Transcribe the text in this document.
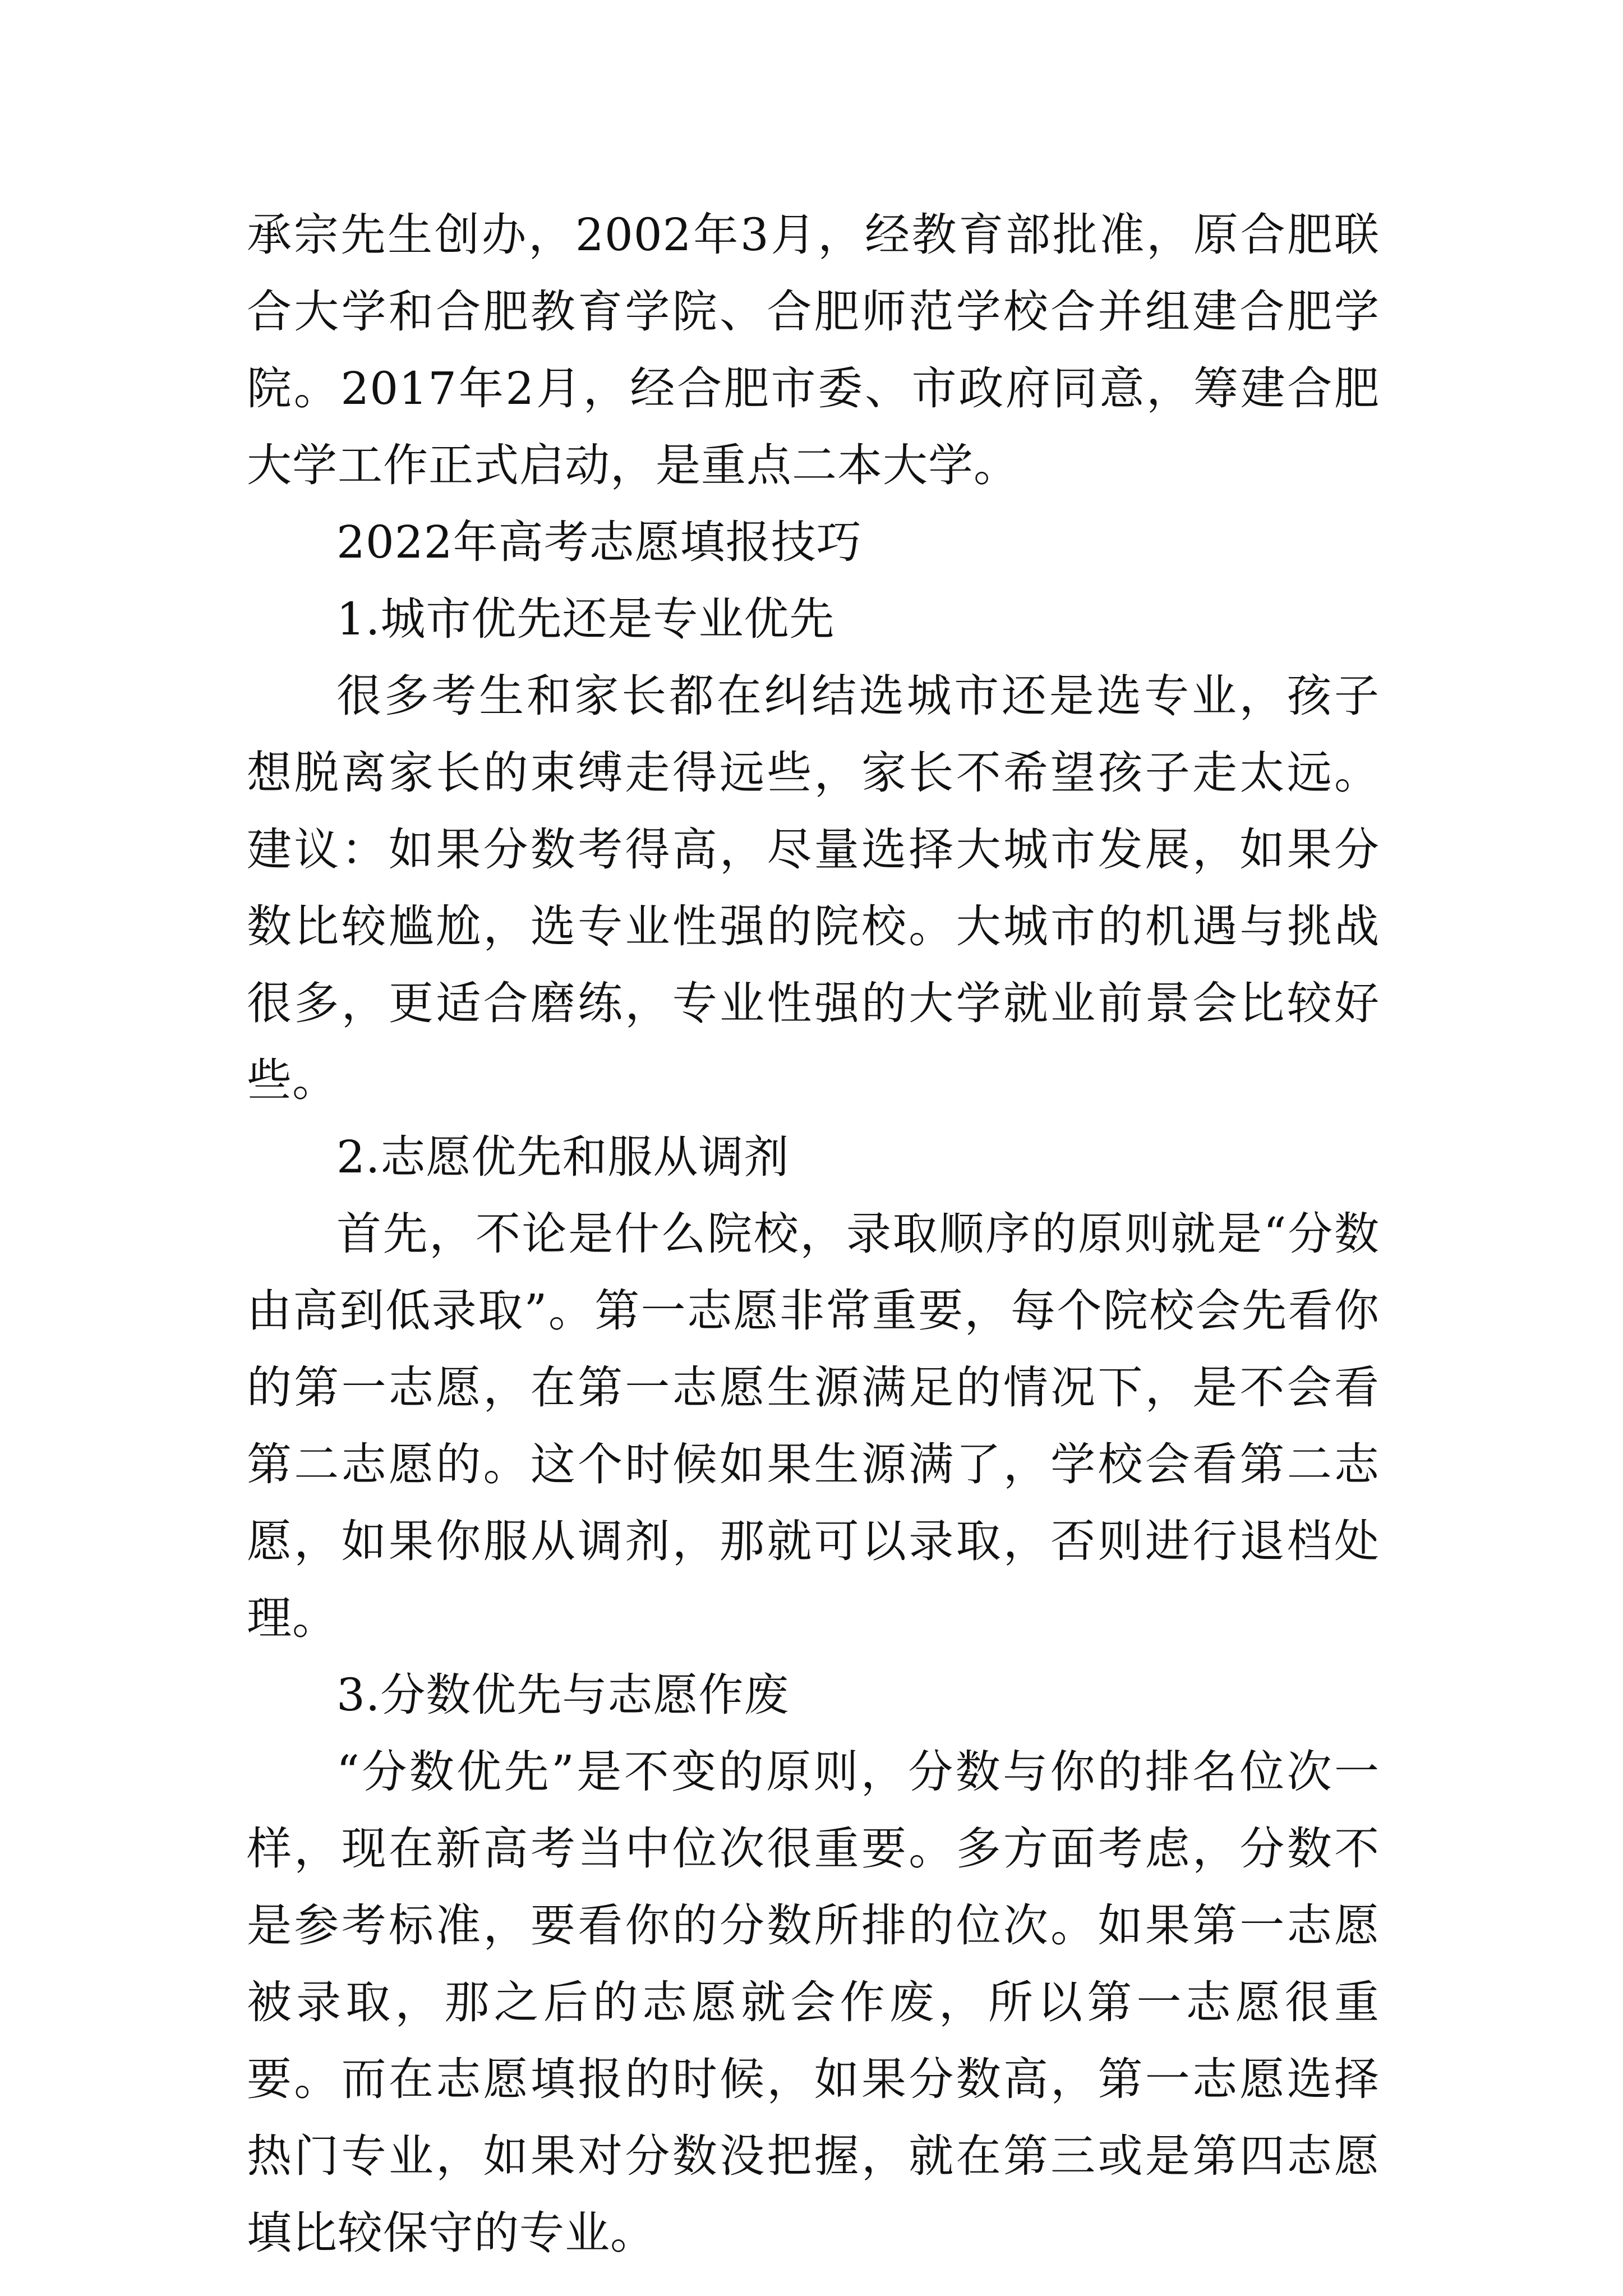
承宗先生创办，2002年3月，经教育部批准，原合肥联合大学和合肥教育学院、合肥师范学校合并组建合肥学院。2017年2月，经合肥市委、市政府同意，筹建合肥大学工作正式启动，是重点二本大学。

2022年高考志愿填报技巧

1.城市优先还是专业优先

很多考生和家长都在纠结选城市还是选专业，孩子想脱离家长的束缚走得远些，家长不希望孩子走太远。建议：如果分数考得高，尽量选择大城市发展，如果分数比较尴尬，选专业性强的院校。大城市的机遇与挑战很多，更适合磨练，专业性强的大学就业前景会比较好些。

2.志愿优先和服从调剂

首先，不论是什么院校，录取顺序的原则就是“分数由高到低录取”。第一志愿非常重要，每个院校会先看你的第一志愿，在第一志愿生源满足的情况下，是不会看第二志愿的。这个时候如果生源满了，学校会看第二志愿，如果你服从调剂，那就可以录取，否则进行退档处理。

3.分数优先与志愿作废

“分数优先”是不变的原则，分数与你的排名位次一样，现在新高考当中位次很重要。多方面考虑，分数不是参考标准，要看你的分数所排的位次。如果第一志愿被录取，那之后的志愿就会作废，所以第一志愿很重要。而在志愿填报的时候，如果分数高，第一志愿选择热门专业，如果对分数没把握，就在第三或是第四志愿填比较保守的专业。
